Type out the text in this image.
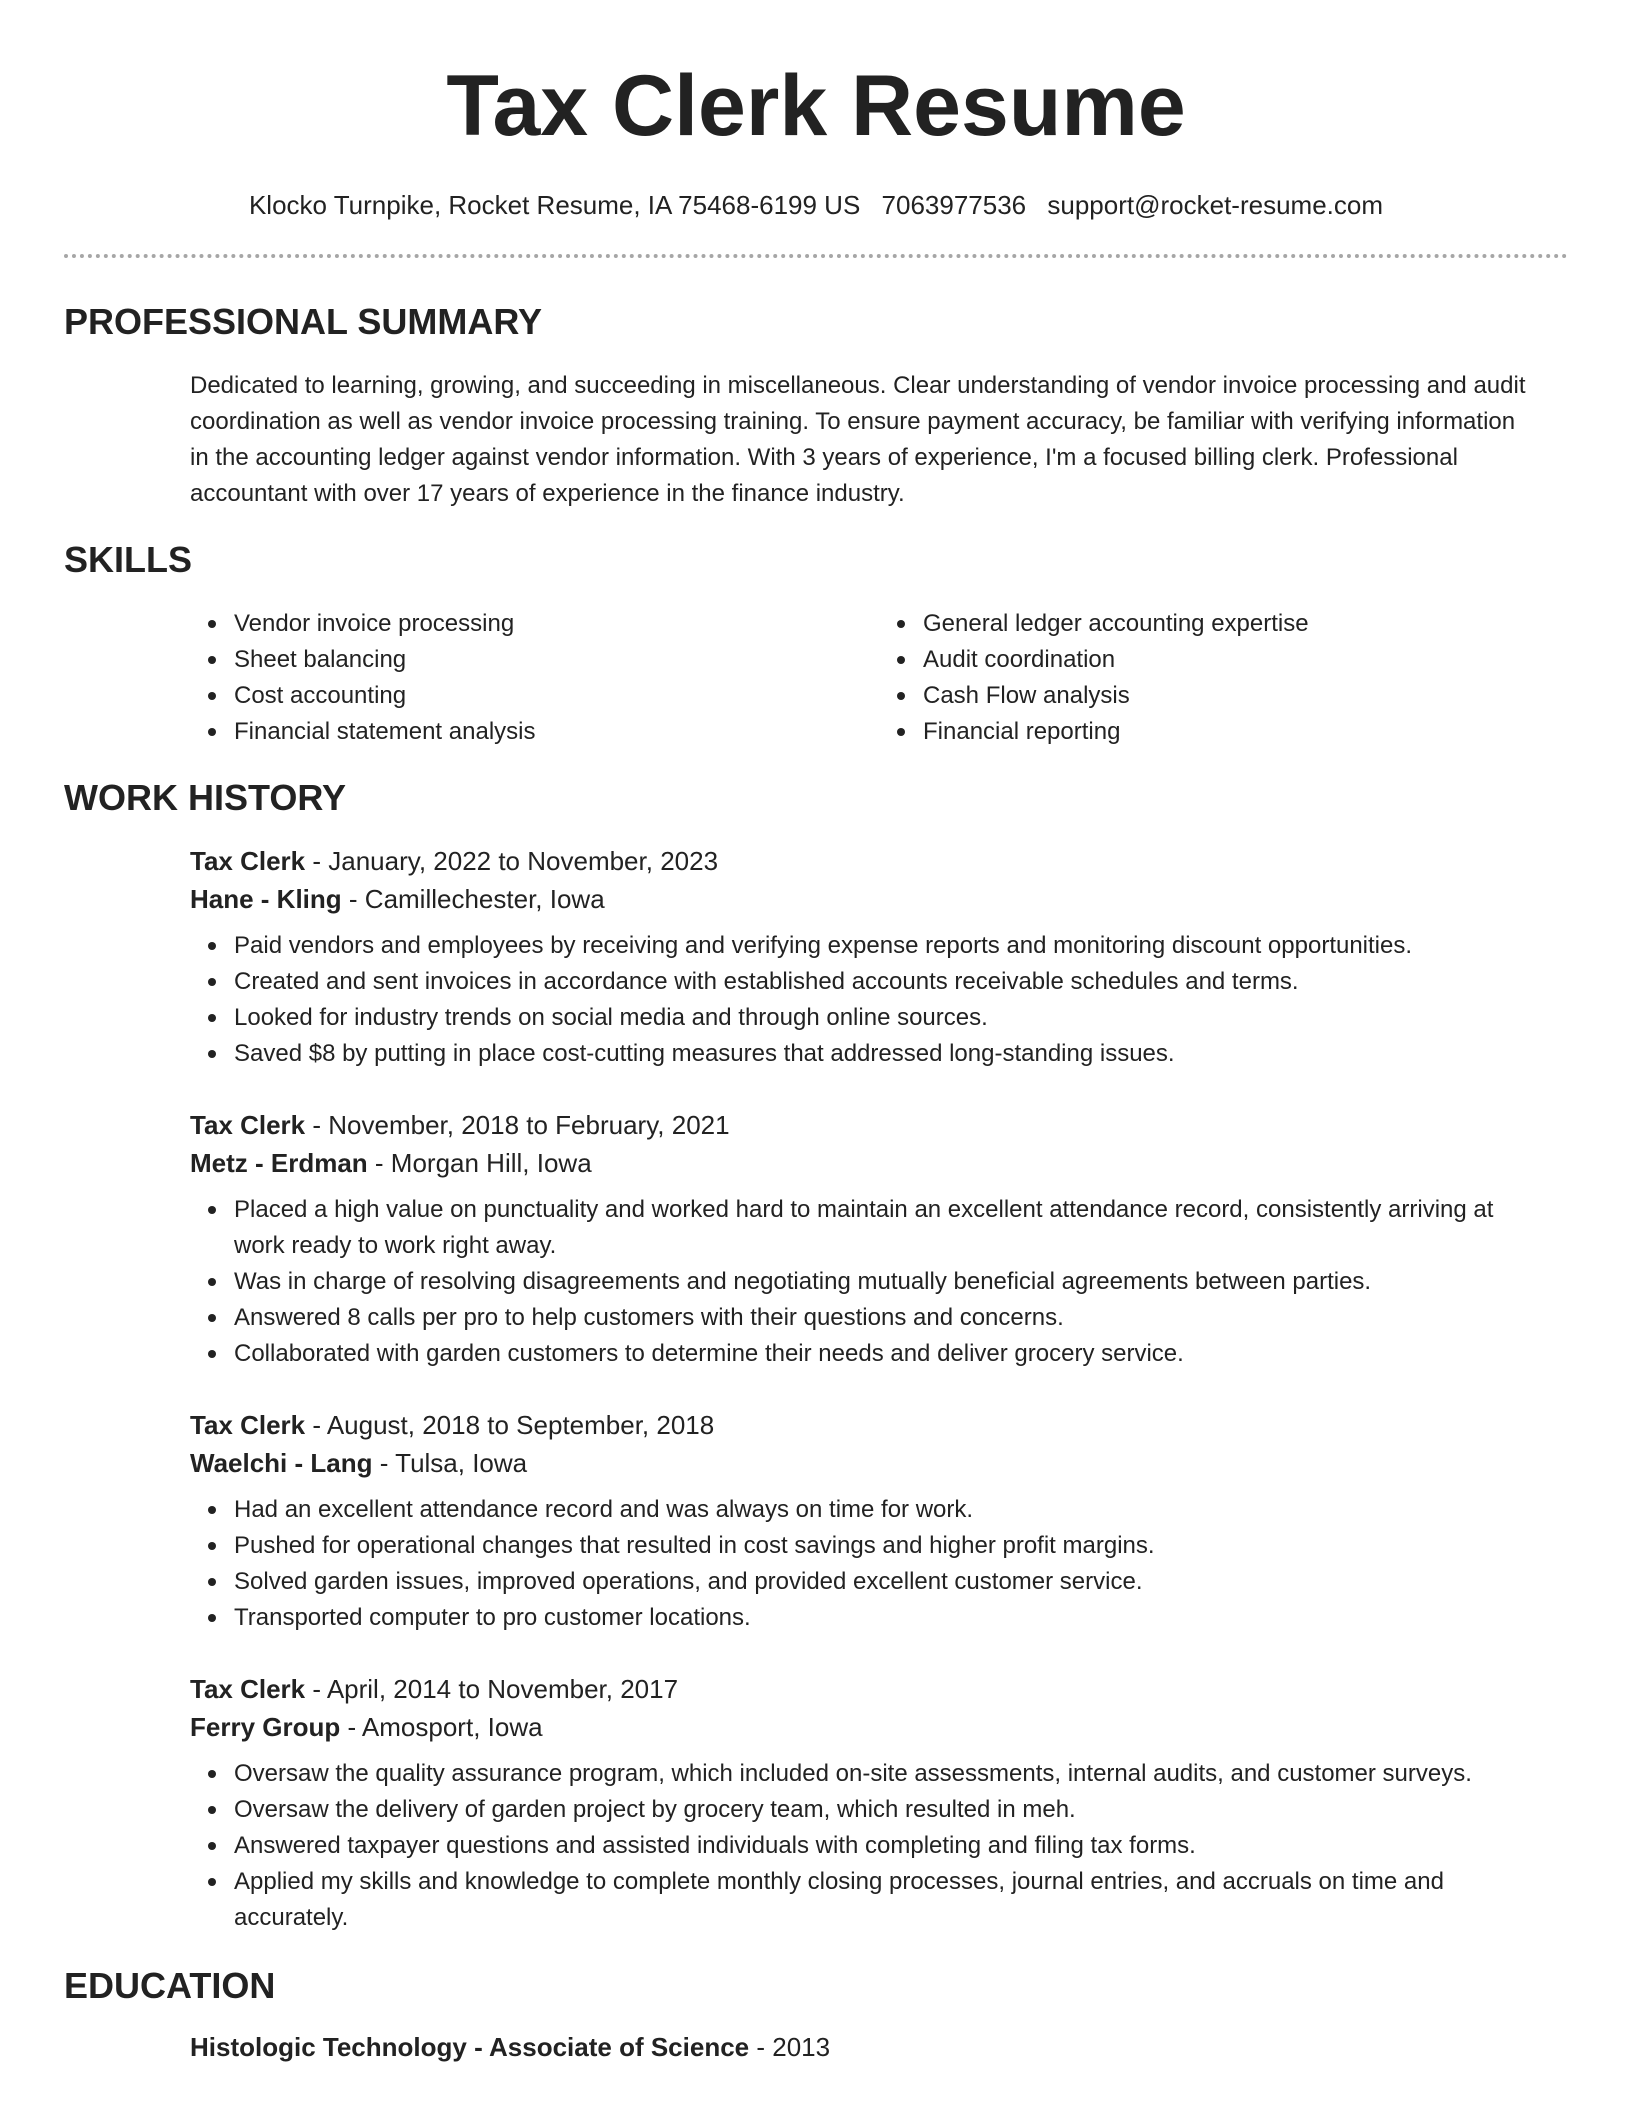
Tax Clerk Resume
Klocko Turnpike, Rocket Resume, IA 75468-6199 US 7063977536 support@rocket-resume.com
PROFESSIONAL SUMMARY

Dedicated to learning, growing, and succeeding in miscellaneous. Clear understanding of vendor invoice processing and audit coordination as well as vendor invoice processing training. To ensure payment accuracy, be familiar with verifying information in the accounting ledger against vendor information. With 3 years of experience, I'm a focused billing clerk. Professional accountant with over 17 years of experience in the finance industry.

SKILLS
Vendor invoice processing
Sheet balancing
Cost accounting
Financial statement analysis
General ledger accounting expertise
Audit coordination
Cash Flow analysis
Financial reporting
WORK HISTORY

Tax Clerk - January, 2022 to November, 2023

Hane - Kling - Camillechester, Iowa

Paid vendors and employees by receiving and verifying expense reports and monitoring discount opportunities.
Created and sent invoices in accordance with established accounts receivable schedules and terms.
Looked for industry trends on social media and through online sources.
Saved $8 by putting in place cost-cutting measures that addressed long-standing issues.

Tax Clerk - November, 2018 to February, 2021

Metz - Erdman - Morgan Hill, Iowa

Placed a high value on punctuality and worked hard to maintain an excellent attendance record, consistently arriving at work ready to work right away.
Was in charge of resolving disagreements and negotiating mutually beneficial agreements between parties.
Answered 8 calls per pro to help customers with their questions and concerns.
Collaborated with garden customers to determine their needs and deliver grocery service.

Tax Clerk - August, 2018 to September, 2018

Waelchi - Lang - Tulsa, Iowa

Had an excellent attendance record and was always on time for work.
Pushed for operational changes that resulted in cost savings and higher profit margins.
Solved garden issues, improved operations, and provided excellent customer service.
Transported computer to pro customer locations.

Tax Clerk - April, 2014 to November, 2017

Ferry Group - Amosport, Iowa

Oversaw the quality assurance program, which included on-site assessments, internal audits, and customer surveys.
Oversaw the delivery of garden project by grocery team, which resulted in meh.
Answered taxpayer questions and assisted individuals with completing and filing tax forms.
Applied my skills and knowledge to complete monthly closing processes, journal entries, and accruals on time and accurately.
EDUCATION

Histologic Technology - Associate of Science - 2013
